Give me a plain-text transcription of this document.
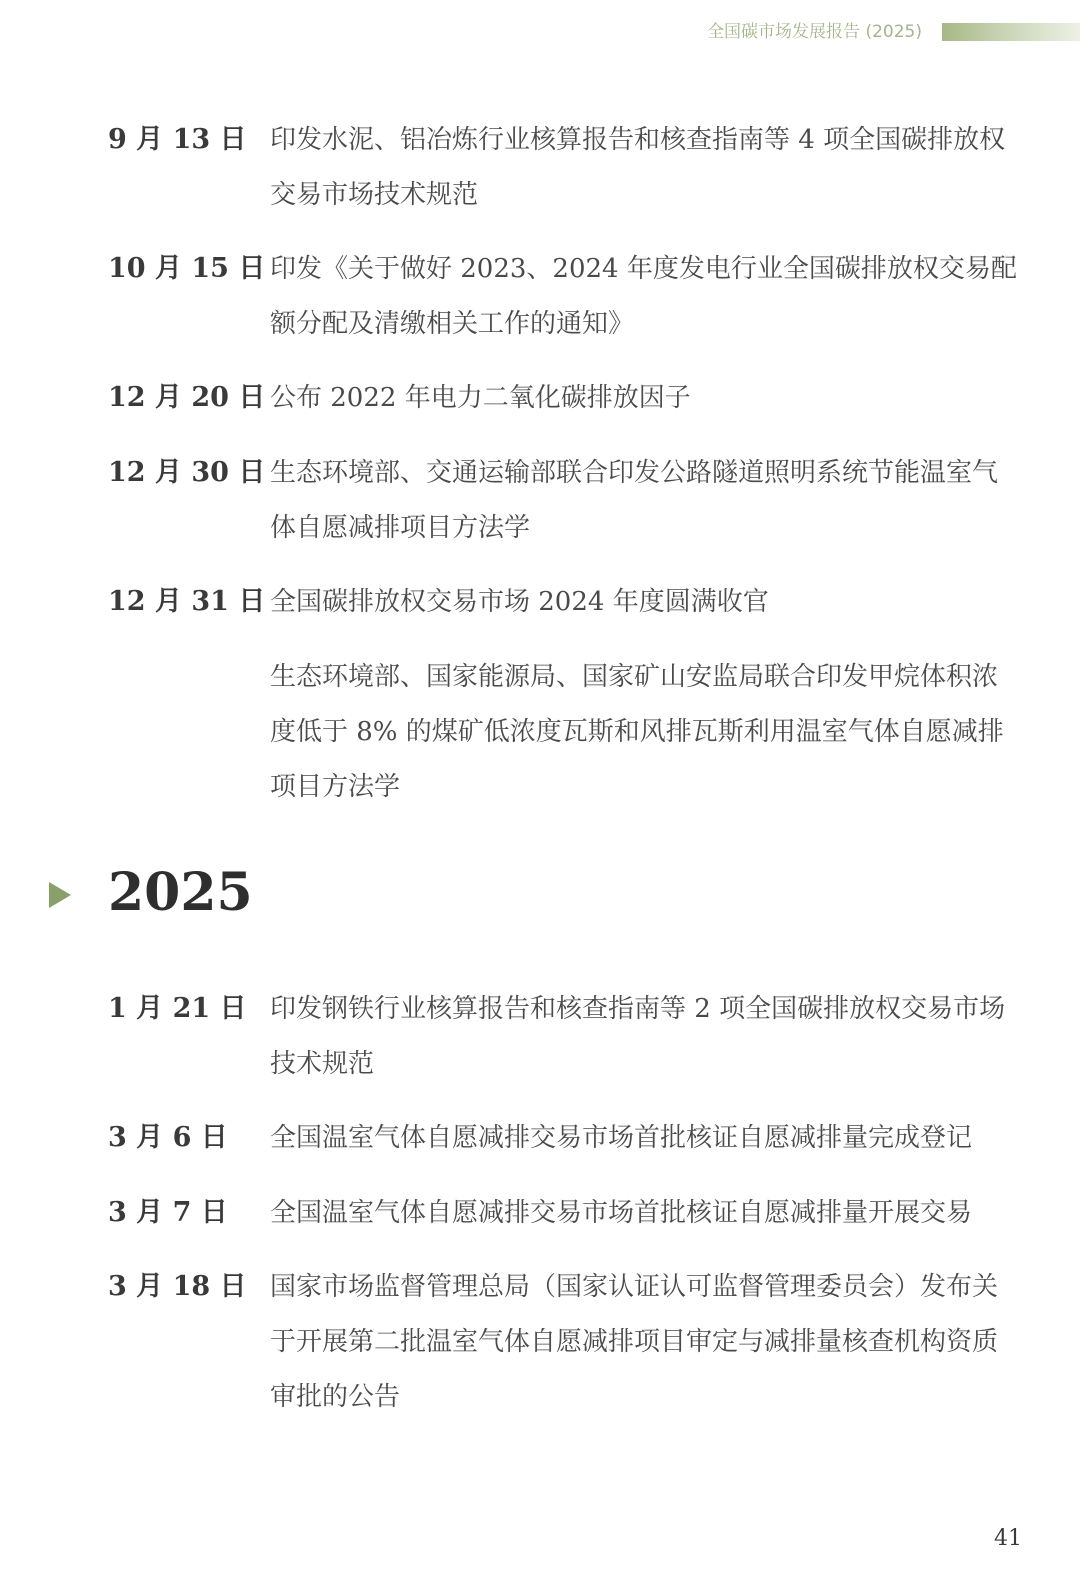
全国碳市场发展报告 (2025)
9 月 13 日 印发水泥、铝冶炼行业核算报告和核查指南等 4 项全国碳排放权交易市场技术规范
10 月 15 日 印发《关于做好 2023、2024 年度发电行业全国碳排放权交易配额分配及清缴相关工作的通知》
12 月 20 日 公布 2022 年电力二氧化碳排放因子
12 月 30 日 生态环境部、交通运输部联合印发公路隧道照明系统节能温室气体自愿减排项目方法学
12 月 31 日 全国碳排放权交易市场 2024 年度圆满收官
生态环境部、国家能源局、国家矿山安监局联合印发甲烷体积浓度低于 8% 的煤矿低浓度瓦斯和风排瓦斯利用温室气体自愿减排项目方法学
2025
1 月 21 日 印发钢铁行业核算报告和核查指南等 2 项全国碳排放权交易市场技术规范
3 月 6 日 全国温室气体自愿减排交易市场首批核证自愿减排量完成登记
3 月 7 日 全国温室气体自愿减排交易市场首批核证自愿减排量开展交易
3 月 18 日 国家市场监督管理总局（国家认证认可监督管理委员会）发布关于开展第二批温室气体自愿减排项目审定与减排量核查机构资质审批的公告
41
